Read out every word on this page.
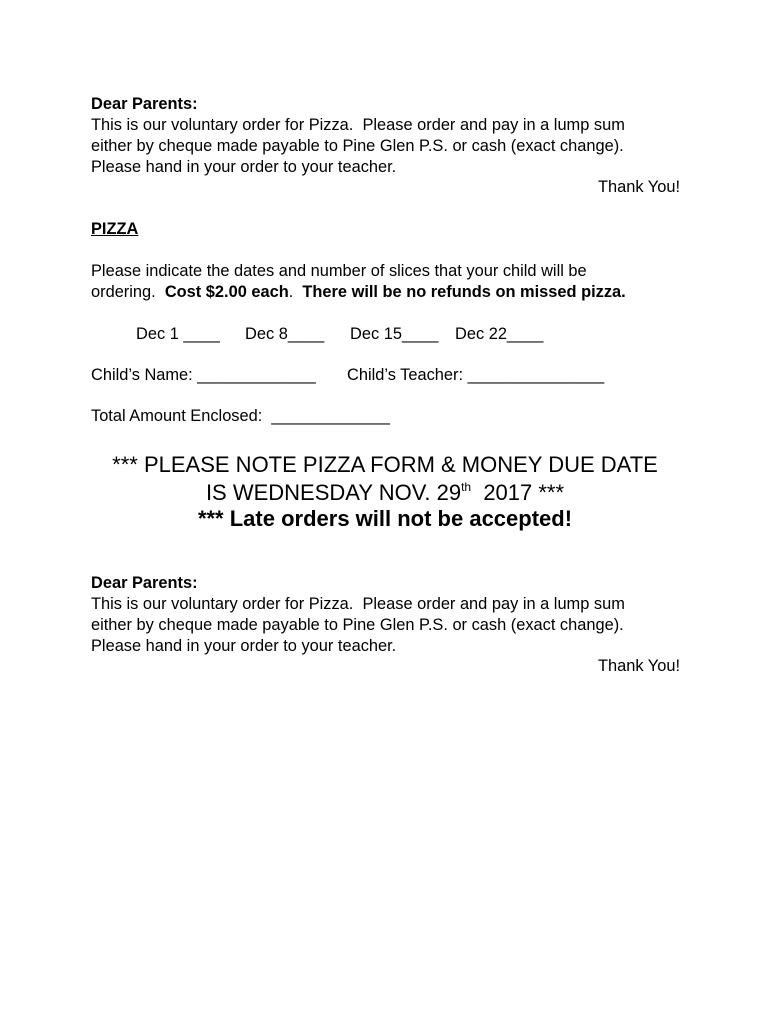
Dear Parents:
This is our voluntary order for Pizza.  Please order and pay in a lump sum
either by cheque made payable to Pine Glen P.S. or cash (exact change).
Please hand in your order to your teacher.
Thank You!
PIZZA
Please indicate the dates and number of slices that your child will be
ordering.  Cost $2.00 each.  There will be no refunds on missed pizza.
Dec 1 ____ Dec 8____ Dec 15____ Dec 22____
Child’s Name: _____________ Child’s Teacher: _______________
Total Amount Enclosed:  _____________
*** PLEASE NOTE PIZZA FORM & MONEY DUE DATE
IS WEDNESDAY NOV. 29th  2017 ***
*** Late orders will not be accepted!
Dear Parents:
This is our voluntary order for Pizza.  Please order and pay in a lump sum
either by cheque made payable to Pine Glen P.S. or cash (exact change).
Please hand in your order to your teacher.
Thank You!
